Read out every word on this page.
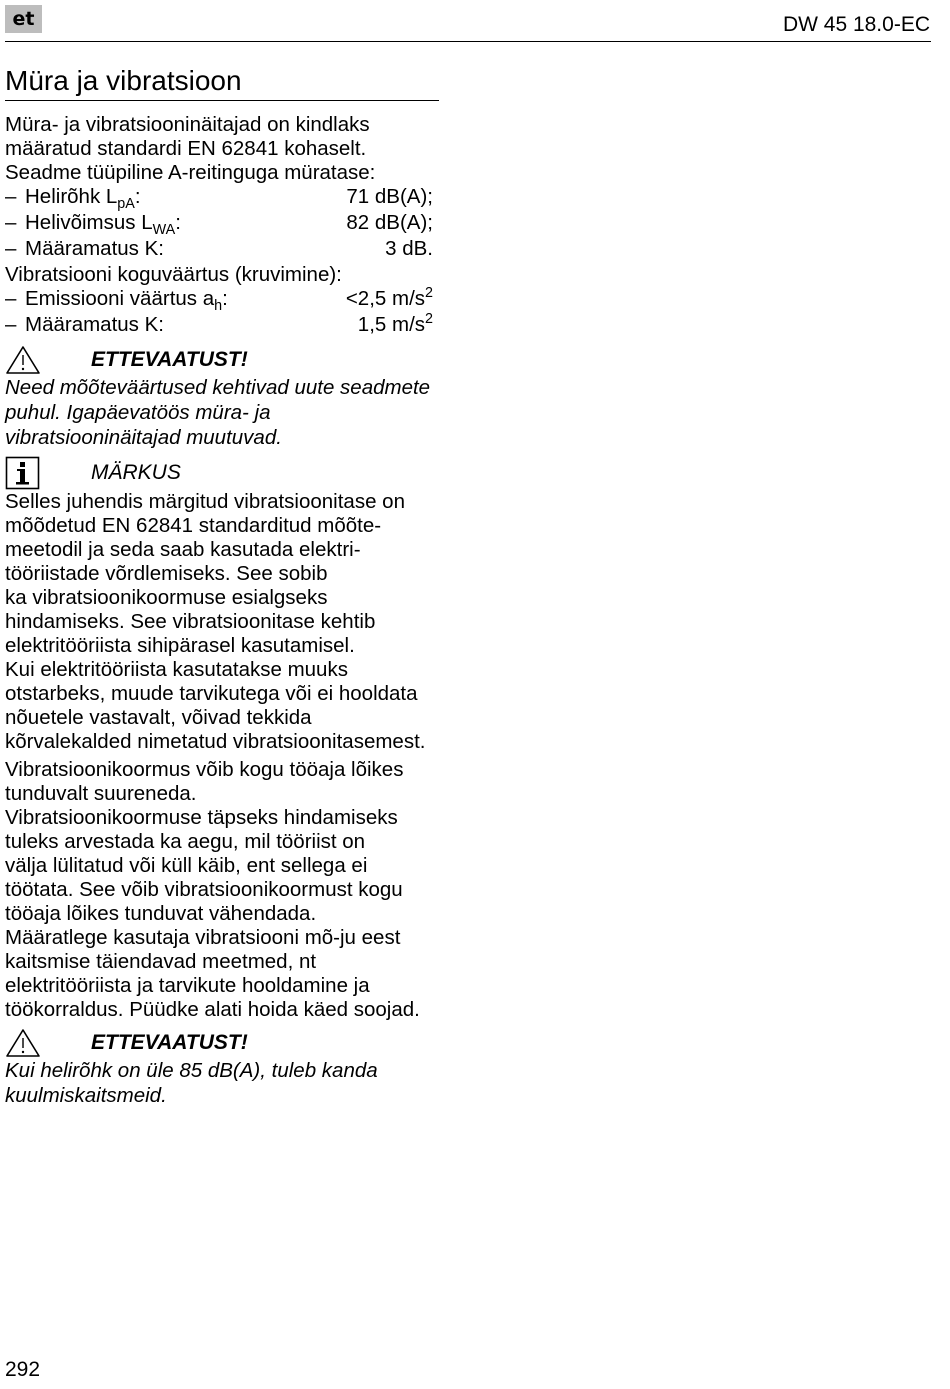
et	DW 45 18.0-EC
Müra ja vibratsioon

Müra- ja vibratsiooninäitajad on kindlaks määratud standardi EN 62841 kohaselt.

Seadme tüüpiline A-reitinguga müratase:

– Helirõhk $L_{pA}$:	71 dB(A);
– Helivõimsus $L_{WA}$:	82 dB(A);
– Määramatus K:	3 dB.

Vibratsiooni koguväärtus (kruvimine):

– Emissiooni väärtus $a_h$:	<2,5 $m/s^2$
– Määramatus K:	1,5 $m/s^2$
ETTEVAATUST!

Need mõõteväärtused kehtivad uute seadmete puhul. Igapäevatöös müra- ja vibratsiooninäitajad muutuvad.

MÄRKUS

Selles juhendis märgitud vibratsioonitase on

mõõdetud EN 62841 standarditud mõõte-

meetodil ja seda saab kasutada elektri-

tööriistade võrdlemiseks. See sobib

ka vibratsioonikoormuse esialgseks

hindamiseks. See vibratsioonitase kehtib

elektritööriista sihipärasel kasutamisel.

Kui elektritööriista kasutatakse muuks

otstarbeks, muude tarvikutega või ei hooldata

nõuetele vastavalt, võivad tekkida

kõrvalekalded nimetatud vibratsioonitasemest.

Vibratsioonikoormus võib kogu tööaja lõikes

tunduvalt suureneda.

Vibratsioonikoormuse täpseks hindamiseks

tuleks arvestada ka aegu, mil tööriist on

välja lülitatud või küll käib, ent sellega ei

töötata. See võib vibratsioonikoormust kogu

tööaja lõikes tunduvat vähendada.

Määratlege kasutaja vibratsiooni mõ-ju eest

kaitsmise täiendavad meetmed, nt

elektritööriista ja tarvikute hooldamine ja

töökorraldus. Püüdke alati hoida käed soojad.

ETTEVAATUST!

Kui helirõhk on üle 85 dB(A), tuleb kanda

kuulmiskaitsmeid.

292
